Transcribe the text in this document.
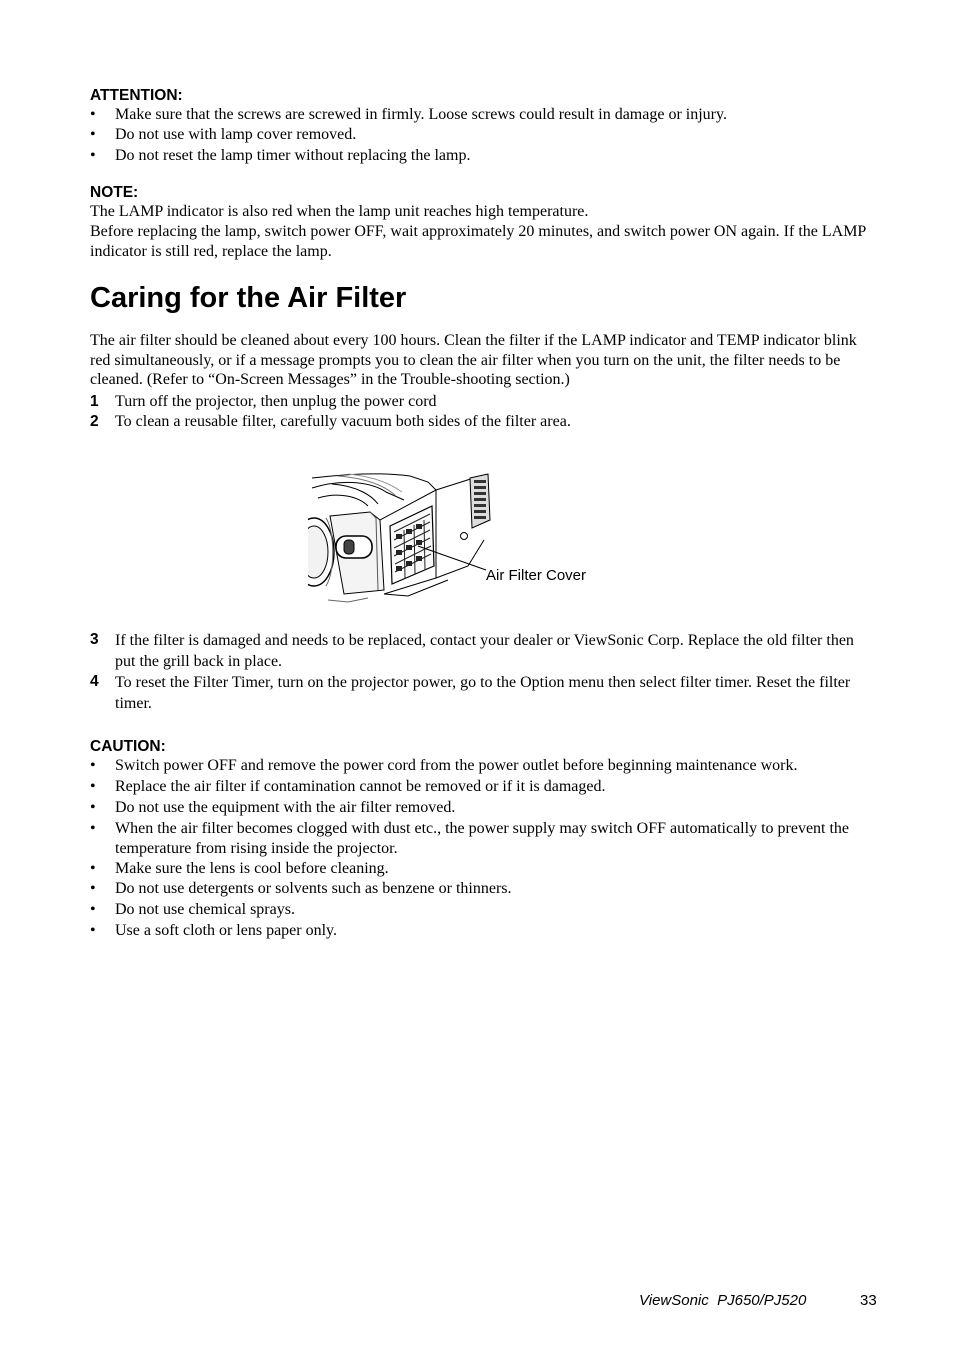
ATTENTION:
•	Make sure that the screws are screwed in firmly. Loose screws could result in damage or injury.
•	Do not use with lamp cover removed.
•	Do not reset the lamp timer without replacing the lamp.
NOTE:
The LAMP indicator is also red when the lamp unit reaches high temperature.
Before replacing the lamp, switch power OFF, wait approximately 20 minutes, and switch power ON again. If the LAMP indicator is still red, replace the lamp.
Caring for the Air Filter
The air filter should be cleaned about every 100 hours. Clean the filter if the LAMP indicator and TEMP indicator blink red simultaneously, or if a message prompts you to clean the air filter when you turn on the unit, the filter needs to be cleaned. (Refer to “On-Screen Messages” in the Trouble-shooting section.)
1	Turn off the projector, then unplug the power cord
2	To clean a reusable filter, carefully vacuum both sides of the filter area.
Air Filter Cover
3	If the filter is damaged and needs to be replaced, contact your dealer or ViewSonic Corp. Replace the old filter then put the grill back in place.
4	To reset the Filter Timer, turn on the projector power, go to the Option menu then select filter timer. Reset the filter timer.
CAUTION:
•	Switch power OFF and remove the power cord from the power outlet before beginning maintenance work.
•	Replace the air filter if contamination cannot be removed or if it is damaged.
•	Do not use the equipment with the air filter removed.
•	When the air filter becomes clogged with dust etc., the power supply may switch OFF automatically to prevent the temperature from rising inside the projector.
•	Make sure the lens is cool before cleaning.
•	Do not use detergents or solvents such as benzene or thinners.
•	Do not use chemical sprays.
•	Use a soft cloth or lens paper only.
ViewSonic  PJ650/PJ520	33
